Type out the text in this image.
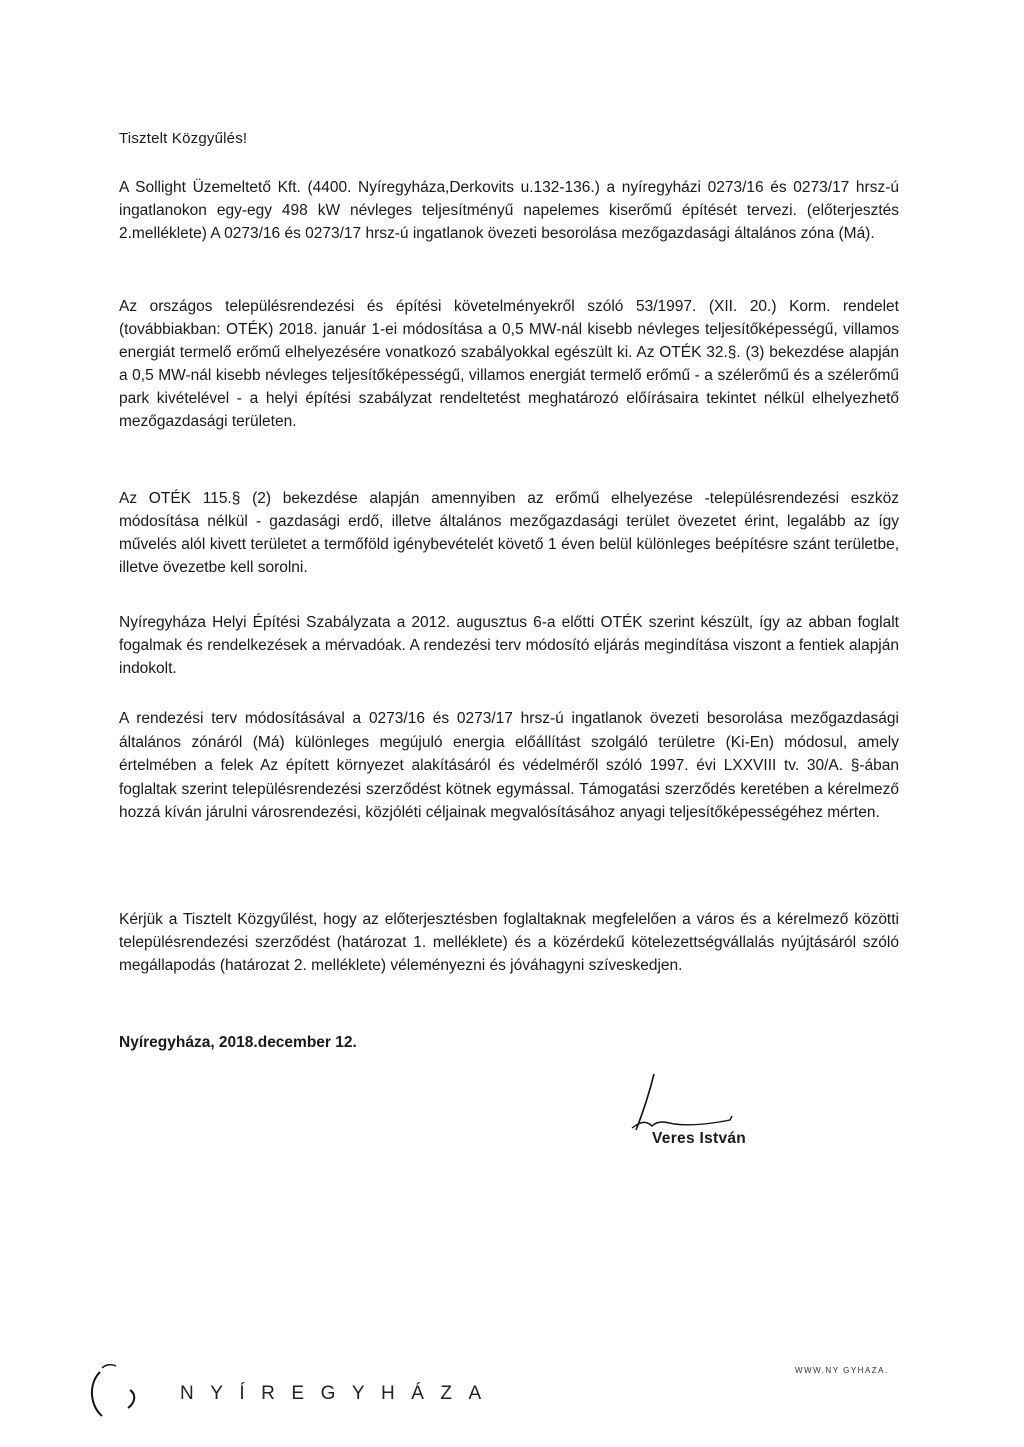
Tisztelt Közgyűlés!

A Sollight Üzemeltető Kft. (4400. Nyíregyháza,Derkovits u.132-136.) a nyíregyházi 0273/16 és 0273/17 hrsz-ú ingatlanokon egy-egy 498 kW névleges teljesítményű napelemes kiserőmű építését tervezi. (előterjesztés 2.melléklete) A 0273/16 és 0273/17 hrsz-ú ingatlanok övezeti besorolása mezőgazdasági általános zóna (Má).

Az országos településrendezési és építési követelményekről szóló 53/1997. (XII. 20.) Korm. rendelet (továbbiakban: OTÉK) 2018. január 1-ei módosítása a 0,5 MW-nál kisebb névleges teljesítőképességű, villamos energiát termelő erőmű elhelyezésére vonatkozó szabályokkal egészült ki. Az OTÉK 32.§. (3) bekezdése alapján a 0,5 MW-nál kisebb névleges teljesítőképességű, villamos energiát termelő erőmű - a szélerőmű és a szélerőmű park kivételével - a helyi építési szabályzat rendeltetést meghatározó előírásaira tekintet nélkül elhelyezhető mezőgazdasági területen.

Az OTÉK 115.§ (2) bekezdése alapján amennyiben az erőmű elhelyezése -településrendezési eszköz módosítása nélkül - gazdasági erdő, illetve általános mezőgazdasági terület övezetet érint, legalább az így művelés alól kivett területet a termőföld igénybevételét követő 1 éven belül különleges beépítésre szánt területbe, illetve övezetbe kell sorolni.

Nyíregyháza Helyi Építési Szabályzata a 2012. augusztus 6-a előtti OTÉK szerint készült, így az abban foglalt fogalmak és rendelkezések a mérvadóak. A rendezési terv módosító eljárás megindítása viszont a fentiek alapján indokolt.

A rendezési terv módosításával a 0273/16 és 0273/17 hrsz-ú ingatlanok övezeti besorolása mezőgazdasági általános zónáról (Má) különleges megújuló energia előállítást szolgáló területre (Ki-En) módosul, amely értelmében a felek Az épített környezet alakításáról és védelméről szóló 1997. évi LXXVIII tv. 30/A. §-ában foglaltak szerint településrendezési szerződést kötnek egymással. Támogatási szerződés keretében a kérelmező hozzá kíván járulni városrendezési, közjóléti céljainak megvalósításához anyagi teljesítőképességéhez mérten.

Kérjük a Tisztelt Közgyűlést, hogy az előterjesztésben foglaltaknak megfelelően a város és a kérelmező közötti településrendezési szerződést (határozat 1. melléklete) és a közérdekű kötelezettségvállalás nyújtásáról szóló megállapodás (határozat 2. melléklete) véleményezni és jóváhagyni szíveskedjen.

Nyíregyháza, 2018.december 12.
Veres István
WWW.NY GYHAZA.
NYÍREGYHÁZA
